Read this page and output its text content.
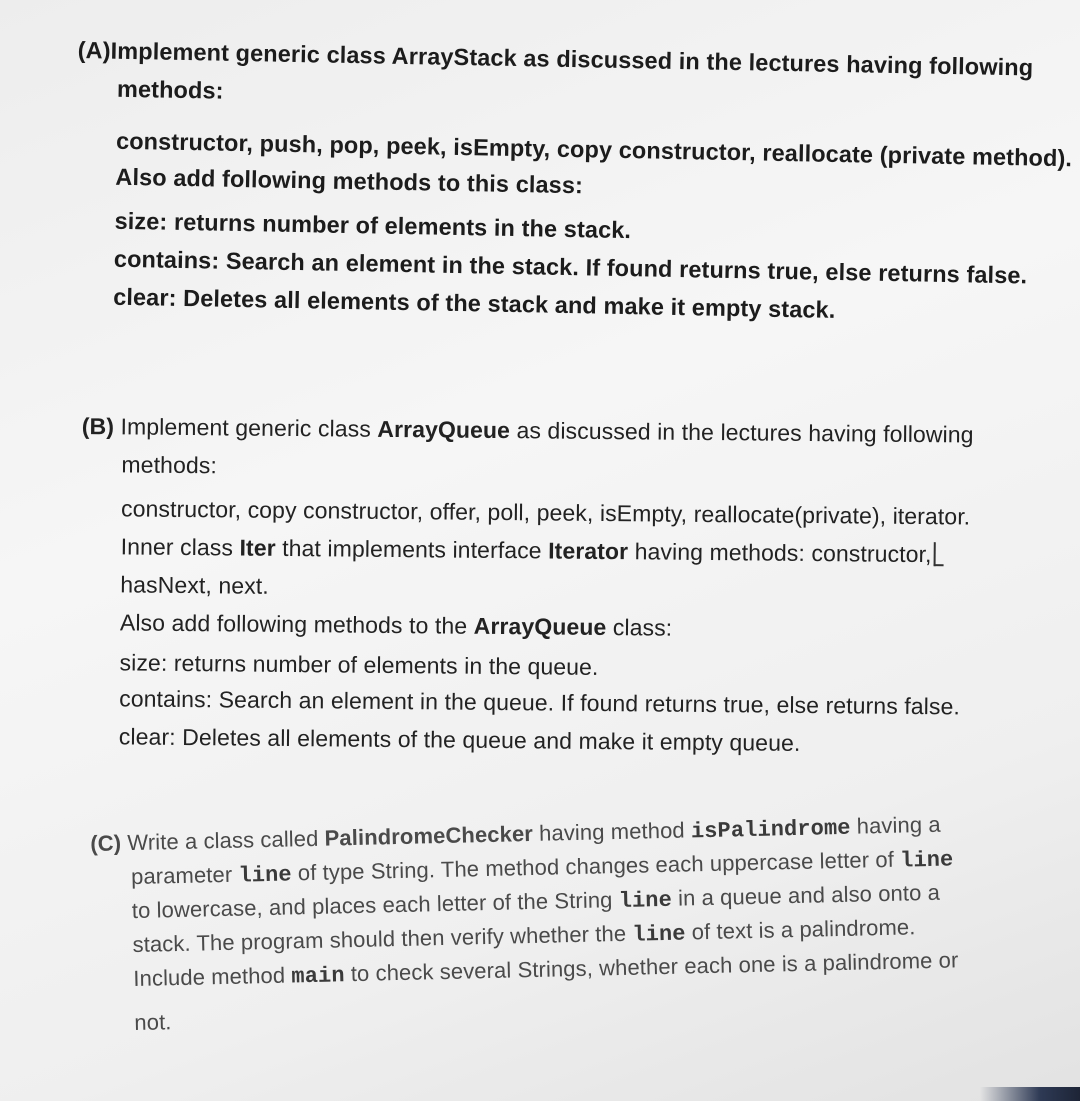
(A)Implement generic class ArrayStack as discussed in the lectures having following
methods:
constructor, push, pop, peek, isEmpty, copy constructor, reallocate (private method).
Also add following methods to this class:
size: returns number of elements in the stack.
contains: Search an element in the stack. If found returns true, else returns false.
clear: Deletes all elements of the stack and make it empty stack.
(B) Implement generic class ArrayQueue as discussed in the lectures having following
methods:
constructor, copy constructor, offer, poll, peek, isEmpty, reallocate(private), iterator.
Inner class Iter that implements interface Iterator having methods: constructor,
hasNext, next.
Also add following methods to the ArrayQueue class:
size: returns number of elements in the queue.
contains: Search an element in the queue. If found returns true, else returns false.
clear: Deletes all elements of the queue and make it empty queue.
(C) Write a class called PalindromeChecker having method isPalindrome having a
parameter line of type String. The method changes each uppercase letter of line
to lowercase, and places each letter of the String line in a queue and also onto a
stack. The program should then verify whether the line of text is a palindrome.
Include method main to check several Strings, whether each one is a palindrome or
not.
